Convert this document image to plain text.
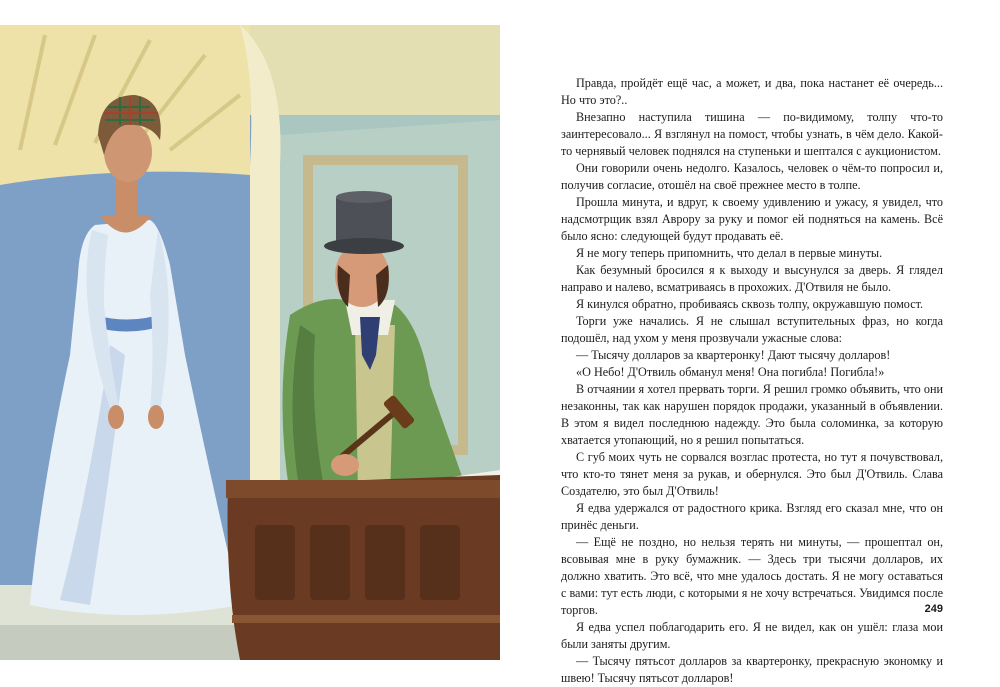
Правда, пройдёт ещё час, а может, и два, пока настанет её очередь... Но что это?..

Внезапно наступила тишина — по-видимому, толпу что-то заинтересовало... Я взглянул на помост, чтобы узнать, в чём дело. Какой-то чернявый человек поднялся на ступеньки и шептался с аукционистом.

Они говорили очень недолго. Казалось, человек о чём-то попросил и, получив согласие, отошёл на своё прежнее место в толпе.

Прошла минута, и вдруг, к своему удивлению и ужасу, я увидел, что надсмотрщик взял Аврору за руку и помог ей подняться на камень. Всё было ясно: следующей будут продавать её.

Я не могу теперь припомнить, что делал в первые минуты.

Как безумный бросился я к выходу и высунулся за дверь. Я глядел направо и налево, всматриваясь в прохожих. Д'Отвиля не было.

Я кинулся обратно, пробиваясь сквозь толпу, окружавшую помост.

Торги уже начались. Я не слышал вступительных фраз, но когда подошёл, над ухом у меня прозвучали ужасные слова:

— Тысячу долларов за квартеронку! Дают тысячу долларов!

«О Небо! Д'Отвиль обманул меня! Она погибла! Погибла!»

В отчаянии я хотел прервать торги. Я решил громко объявить, что они незаконны, так как нарушен порядок продажи, указанный в объявлении. В этом я видел последнюю надежду. Это была соломинка, за которую хватается утопающий, но я решил попытаться.

С губ моих чуть не сорвался возглас протеста, но тут я почувствовал, что кто-то тянет меня за рукав, и обернулся. Это был Д'Отвиль. Слава Создателю, это был Д'Отвиль!

Я едва удержался от радостного крика. Взгляд его сказал мне, что он принёс деньги.

— Ещё не поздно, но нельзя терять ни минуты, — прошептал он, всовывая мне в руку бумажник. — Здесь три тысячи долларов, их должно хватить. Это всё, что мне удалось достать. Я не могу оставаться с вами: тут есть люди, с которыми я не хочу встречаться. Увидимся после торгов.

Я едва успел поблагодарить его. Я не видел, как он ушёл: глаза мои были заняты другим.

— Тысячу пятьсот долларов за квартеронку, прекрасную экономку и швею! Тысячу пятьсот долларов!

249
